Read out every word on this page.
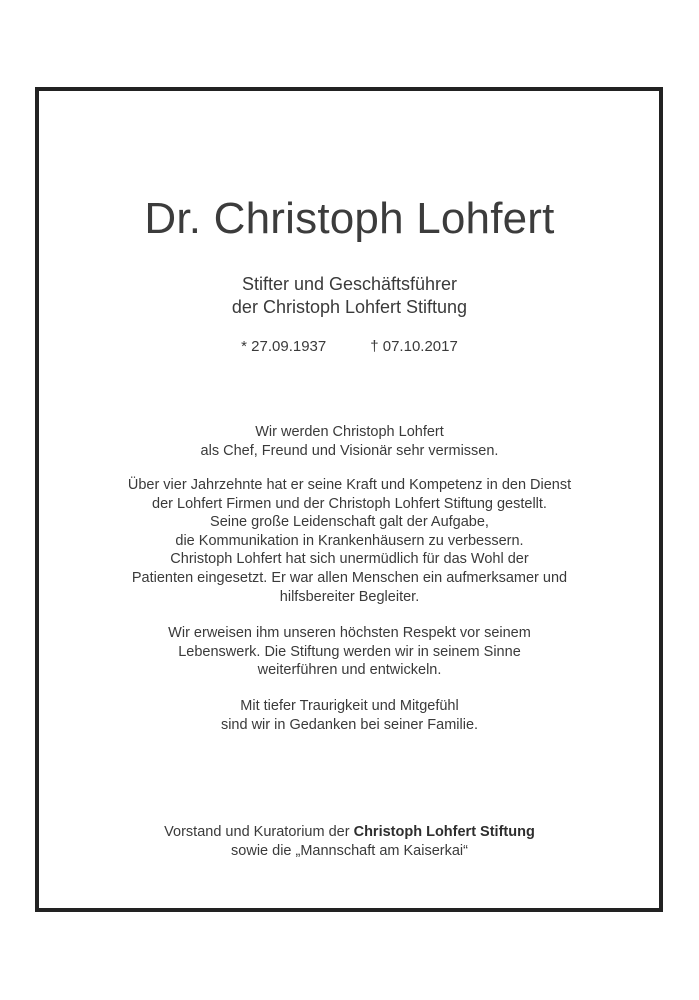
Dr. Christoph Lohfert
Stifter und Geschäftsführer
der Christoph Lohfert Stiftung
* 27.09.1937	† 07.10.2017
Wir werden Christoph Lohfert
als Chef, Freund und Visionär sehr vermissen.
Über vier Jahrzehnte hat er seine Kraft und Kompetenz in den Dienst
der Lohfert Firmen und der Christoph Lohfert Stiftung gestellt.
Seine große Leidenschaft galt der Aufgabe,
die Kommunikation in Krankenhäusern zu verbessern.
Christoph Lohfert hat sich unermüdlich für das Wohl der
Patienten eingesetzt. Er war allen Menschen ein aufmerksamer und
hilfsbereiter Begleiter.
Wir erweisen ihm unseren höchsten Respekt vor seinem
Lebenswerk. Die Stiftung werden wir in seinem Sinne
weiterführen und entwickeln.
Mit tiefer Traurigkeit und Mitgefühl
sind wir in Gedanken bei seiner Familie.
Vorstand und Kuratorium der Christoph Lohfert Stiftung
sowie die „Mannschaft am Kaiserkai“
